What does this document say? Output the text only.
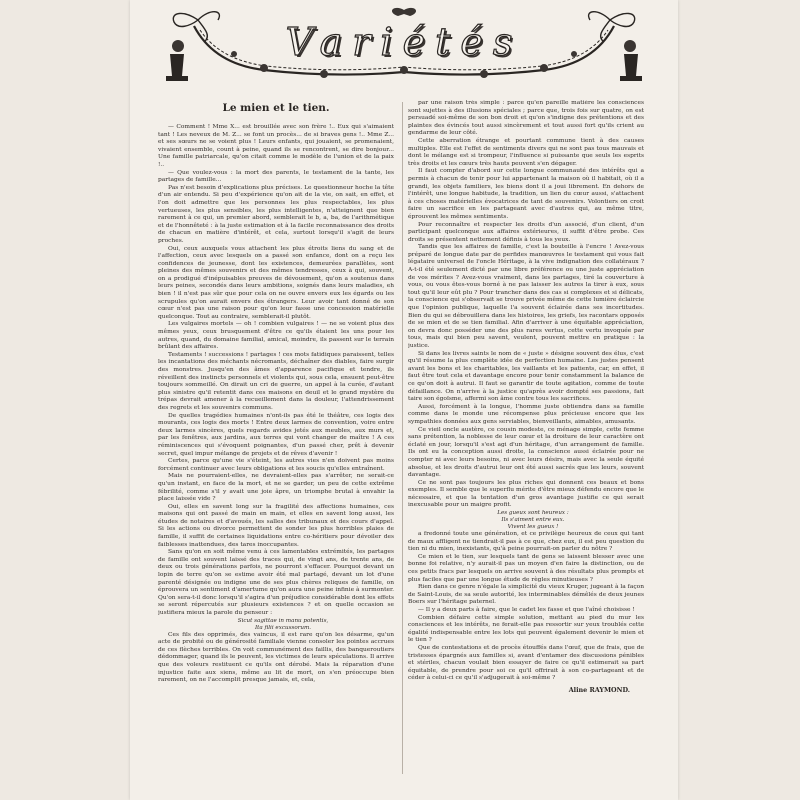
Variétés
Le mien et le tien.

— Comment ! Mme X... est brouillée avec son frère !.. Eux qui s'aimaient tant ! Les neveux de M. Z... se font un procès... de si braves gens !.. Mme Z... et ses sœurs ne se voient plus ! Leurs enfants, qui jouaient, se promenaient, vivaient ensemble, count à peine, quand ils se rencontrent, se dire bonjour... Une famille patriarcale, qu'on citait comme le modèle de l'union et de la paix !..

— Que voulez-vous : la mort des parents, le testament de la tante, les partages de famille...

Pas n'est besoin d'explications plus précises. Le questionneur hoche la tête d'un air entendu. Si peu d'expérience qu'on ait de la vie, on sait, en effet, et l'on doit admettre que les personnes les plus respectables, les plus vertueuses, les plus sensibles, les plus intelligentes, n'atteignent que bien rarement à ce qui, un premier abord, semblerait le b, a, ba, de l'arithmétique et de l'honnêteté : à la juste estimation et à la facile reconnaissance des droits de chacun en matière d'intérêt, et cela, surtout lorsqu'il s'agit de leurs proches.

Oui, ceux auxquels vous attachent les plus étroits liens du sang et de l'affection, ceux avec lesquels on a passé son enfance, dont on a reçu les confidences de jeunesse, dont les existences, demeurées parallèles, sont pleines des mêmes souvenirs et des mêmes tendresses, ceux à qui, souvent, on a prodigué d'inépuisables preuves de dévouement, qu'on a soutenus dans leurs peines, secondés dans leurs ambitions, soignés dans leurs maladies, eh bien ! il n'est pas sûr que pour cela on ne ouvre envers eux les égards ou les scrupules qu'on aurait envers des étrangers. Leur avoir tant donné de son cœur n'est pas une raison pour qu'on leur fasse une concession matérielle quelconque. Tout au contraire, semblerait-il plutôt.

Les vulgaires mortels — oh ! combien vulgaires ! — ne se voient plus des mêmes yeux, ceux brusquement d'être ce qu'ils étaient les uns pour les autres, quand, du domaine familial, amical, moindre, ils passent sur le terrain brûlant des affaires.

Testaments ! successions ! partages ! ces mots fatidiques paraissent, telles les incantations des méchants nécromants, déchaîner des diables, faire surgir des monstres. Jusqu'en des âmes d'apparence pacifique et tendre, ils réveillent des instincts personnels et violents qui, sous cela, ensuent peut-être toujours sommeillé. On dirait un cri de guerre, un appel à la curée, d'autant plus sinistre qu'il retentit dans ces maisons en deuil et le grand mystère du trépas devrait amener à la recueillement dans la douleur, l'attendrissement des regrets et les souvenirs communs.

De quelles tragédies humaines n'ont-ils pas été le théâtre, ces logis des mourants, ces logis des morts ! Entre deux larmes de convention, voire entre deux larmes sincères, quels regards avides jetés aux meubles, aux murs et, par les fenêtres, aux jardins, aux terres qui vont changer de maître ! A ces réminiscences qui s'évoquent poignantes, d'un passé cher, prêt à devenir secret, quel impur mélange de projets et de rêves d'avenir !

Certes, parce qu'une vie s'éteint, les autres vies n'en doivent pas moins forcément continuer avec leurs obligations et les soucis qu'elles entraînent.

Mais ne pourraient-elles, ne devraient-elles pas s'arrêter, ne serait-ce qu'un instant, en face de la mort, et ne se garder, un peu de cette extrême fébrilité, comme s'il y avait une joie âpre, un triomphe brutal à envahir la place laissée vide ?

Oui, elles en savent long sur la fragilité des affections humaines, ces maisons qui ont passé de main en main, et elles en savent long aussi, les études de notaires et d'avoués, les salles des tribunaux et des cours d'appel. Si les actions ou divorce permettent de sonder les plus horribles plaies de famille, il suffit de certaines liquidations entre co-héritiers pour dévoiler des faiblesses inattendues, des tares inoccupantes.

Sans qu'on en soit même venu à ces lamentables extrémités, les partages de famille ont souvent laissé des traces qui, de vingt ans, de trente ans, de deux ou trois générations parfois, ne pourront s'effacer. Pourquoi devant un lopin de terre qu'on se estime avoir été mal partagé, devant un lot d'une parenté désignée ou indigne une de ses plus chères reliques de famille, on éprouvera un sentiment d'amertume qu'on aura une peine infinie à surmonter. Qu'on sera-t-il donc lorsqu'il s'agira d'un préjudice considérable dont les effets se seront répercutés sur plusieurs existences ? et on quelle occasion se justifiera mieux la parole du penseur :

Sicut sagittae in manu potentis,
Ita filii excussorum.

Ces fils des opprimés, des vaincus, il est rare qu'on les désarme, qu'un acte de probité ou de générosité familiale vienne consoler les pointes accrues de ces flèches terribles. On voit communément des faillis, des banqueroutiers dédommager, quand ils le peuvent, les victimes de leurs spéculations. Il arrive que des voleurs restituent ce qu'ils ont dérobé. Mais la réparation d'une injustice faite aux siens, même au lit de mort, on s'en préoccupe bien rarement, on ne l'accomplit presque jamais, et, cela,

par une raison très simple : parce qu'en pareille matière les consciences sont sujettes à des illusions spéciales ; parce que, trois fois sur quatre, on est persuadé soi-même de son bon droit et qu'on s'indigne des prétentions et des plaintes des évincés tout aussi sincèrement et tout aussi fort qu'ils crient au gendarme de leur côté.

Cette aberration étrange et pourtant commune tient à des causes multiples. Elle est l'effet de sentiments divers qui ne sont pas tous mauvais et dont le mélange est si trompeur, l'influence si puissante que seuls les esprits très droits et les cœurs très hauts peuvent s'en dégager.

Il faut compter d'abord sur cette longue communauté des intérêts qui a permis à chacun de tenir pour lui appartenant la maison où il habitait, où il a grandi, les objets familiers, les biens dont il a joui librement. En dehors de l'intérêt, une longue habitude, la tradition, un lien du cœur aussi, s'attachent à ces choses matérielles évocatrices de tant de souvenirs. Volontiers on croit faire un sacrifice en les partageant avec d'autres qui, au même titre, éprouvent les mêmes sentiments.

Pour reconnaître et respecter les droits d'un associé, d'un client, d'un participant quelconque aux affaires extérieures, il suffit d'être probe. Ces droits se présentent nettement définis à tous les yeux.

Tandis que les affaires de famille, c'est la bouteille à l'encre ! Avez-vous préparé de longue date par de perfides manœuvres le testament qui vous fait légataire universel de l'oncle Héritage, à la vive indignation des collatéraux ? A-t-il été seulement dicté par une libre préférence ou une juste appréciation de vos mérites ? Avez-vous vraiment, dans les partages, tiré la couverture à vous, ou vous êtes-vous borné à ne pas laisser les autres la tirer à eux, sous tout qu'il leur eût plu ? Pour trancher dans des cas si complexes et si délicats, la conscience qui s'observait se trouve privée même de cette lumière éclaircie que l'opinion publique, laquelle l'a souvent éclairée dans ses incertitudes. Bien du qui se débrouillera dans les histoires, les griefs, les racontars opposés de se mien et de se tien familial. Afin d'arriver à une équitable appréciation, on devra donc posséder une des plus rares vertus, cette vertu invoquée par tous, mais qui bien peu savent, veulent, pouvent mettre en pratique : la justice.

Si dans les livres saints le nom de « juste » désigne souvent des élus, c'est qu'il résume la plus complète idée de perfection humaine. Les justes pensent avant les bons et les charitables, les vaillants et les patients, car, en effet, il faut être tout cela et davantage encore pour tenir constamment la balance de ce qu'on doit à autrui. Il faut se garantir de toute agitation, comme de toute défaillance. On n'arrive à la justice qu'après avoir dompté ses passions, fait taire son égoïsme, affermi son âme contre tous les sacrifices.

Aussi, forcément à la longue, l'homme juste obtiendra dans sa famille comme dans le monde une récompense plus précieuse encore que les sympathies données aux gens serviables, bienveillants, aimables, amusants.

Ce vieil oncle austère, ce cousin modeste, ce ménage simple, cette femme sans prétention, la noblesse de leur cœur et la droiture de leur caractère ont éclaté en jour, lorsqu'il s'est agi d'un héritage, d'un arrangement de famille. Ils ont eu la conception aussi droite, la conscience aussi éclairée pour ne compter ni avec leurs besoins, ni avec leurs désirs, mais avec la seule équité absolue, et les droits d'autrui leur ont été aussi sacrés que les leurs, souvent davantage.

Ce ne sont pas toujours les plus riches qui donnent ces beaux et bons exemples. Il semble que le superflu mérite d'être mieux défendu encore que le nécessaire, et que la tentation d'un gros avantage justifie ce qui serait inexcusable pour un maigre profit.

Les gueux sont heureux :
Ils s'aiment entre eux.
Vivent les gueux !

a fredonné toute une génération, et ce privilège heureux de ceux qui tant de maux affligent ne tiendrait-il pas à ce que, chez eux, il est peu question du tien ni du mien, inexistants, qu'à peine pourrait-on parler du nôtre ?

Ce mien et le tien, sur lesquels tant de gens se laissent blesser avec une bonne foi relative, n'y aurait-il pas un moyen d'en faire la distinction, ou de ces petits fracs par lesquels on arrive souvent à des résultats plus prompts et plus faciles que par une longue étude de règles minutieuses ?

Rien dans ce genre n'égale la simplicité du vieux Kruger, jugeant à la façon de Saint-Louis, de sa seule autorité, les interminables démêlés de deux jeunes Boers sur l'héritage paternel.

— Il y a deux parts à faire, que le cadet les fasse et que l'aîné choisisse !

Combien défaire cette simple solution, mettant au pied du mur les consciences et les intérêts, ne ferait-elle pas ressortir sur yeux troublés cette égalité indispensable entre les lots qui peuvent également devenir le mien et le tien ?

Que de contestations et de procès étouffés dans l'œuf, que de frais, que de tristesses épargnés aux familles si, avant d'entamer des discussions pénibles et stériles, chacun voulait bien essayer de faire ce qu'il estimerait sa part équitable, de prendre pour soi ce qu'il offrirait à son co-partageant et de céder à celui-ci ce qu'il s'adjugerait à soi-même ?

Aline RAYMOND.
